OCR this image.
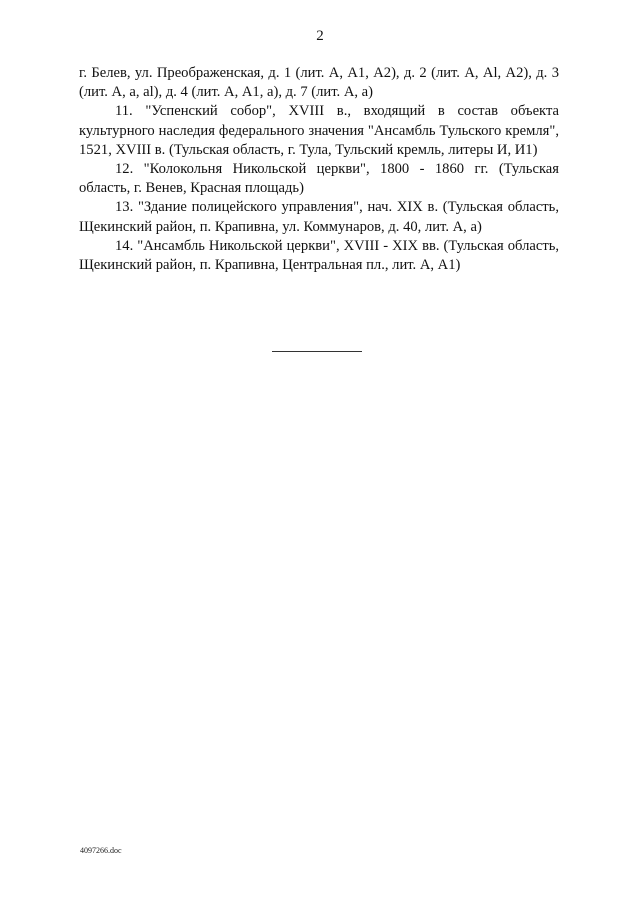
2

г. Белев, ул. Преображенская, д. 1 (лит. А, А1, А2), д. 2 (лит. А, Al, А2), д. 3 (лит. А, а, al), д. 4 (лит. А, А1, а), д. 7 (лит. А, а)

11. "Успенский собор", XVIII в., входящий в состав объекта культурного наследия федерального значения "Ансамбль Тульского кремля", 1521, XVIII в. (Тульская область, г. Тула, Тульский кремль, литеры И, И1)

12. "Колокольня Никольской церкви", 1800 - 1860 гг. (Тульская область, г. Венев, Красная площадь)

13. "Здание полицейского управления", нач. XIX в. (Тульская область, Щекинский район, п. Крапивна, ул. Коммунаров, д. 40, лит. А, а)

14. "Ансамбль Никольской церкви", XVIII - XIX вв. (Тульская область, Щекинский район, п. Крапивна, Центральная пл., лит. А, А1)

4097266.doc
